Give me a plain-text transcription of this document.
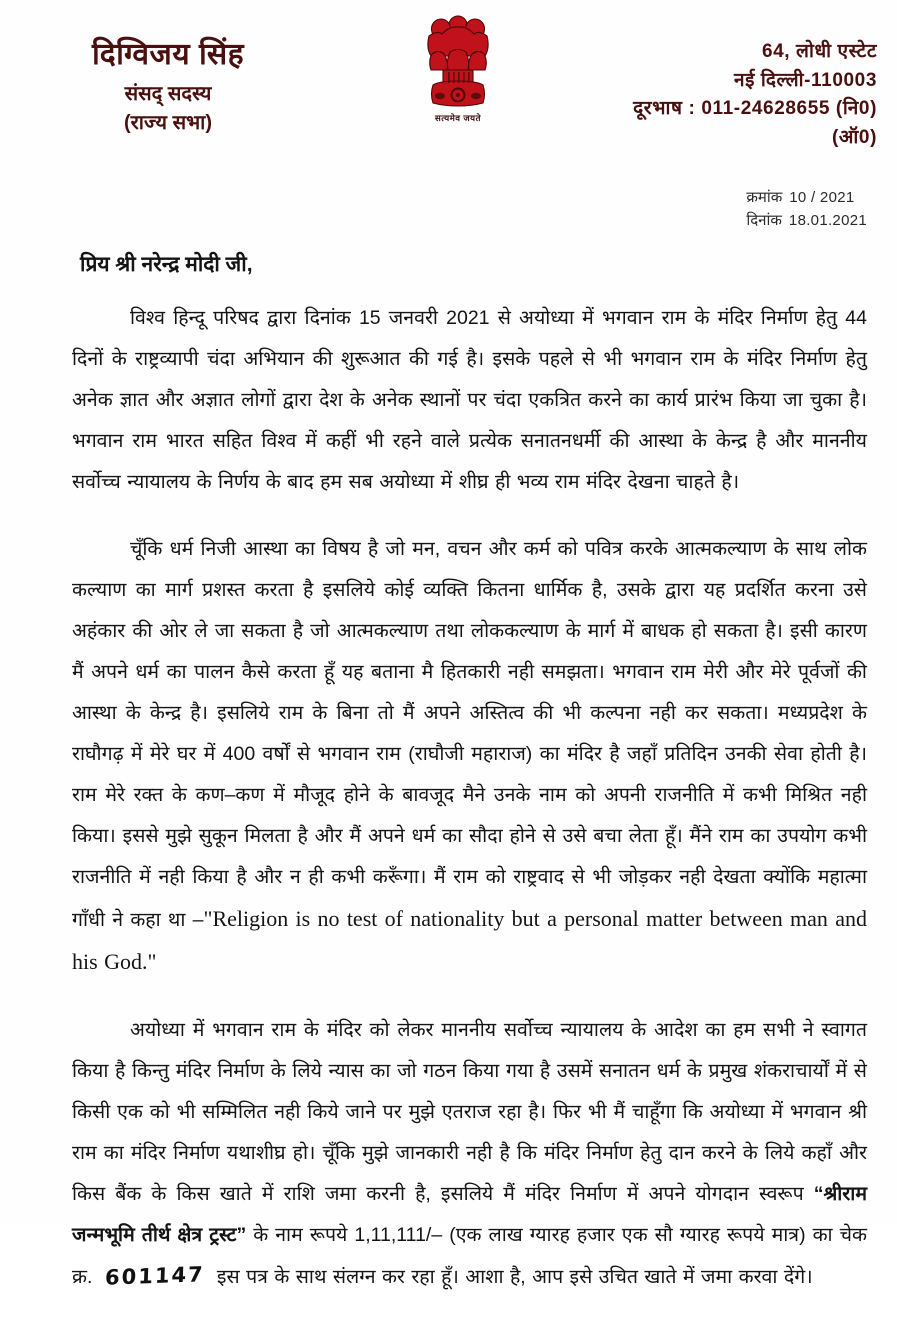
दिग्विजय सिंह
संसद् सदस्य
(राज्य सभा)	सत्यमेव जयते
64, लोधी एस्टेट
नई दिल्ली-110003
दूरभाष : 011-24628655 (नि0)
(ऑ0)
क्रमांक 10 / 2021
दिनांक 18.01.2021
प्रिय श्री नरेन्द्र मोदी जी,

विश्व हिन्दू परिषद द्वारा दिनांक 15 जनवरी 2021 से अयोध्या में भगवान राम के मंदिर निर्माण हेतु 44 दिनों के राष्ट्रव्यापी चंदा अभियान की शुरूआत की गई है। इसके पहले से भी भगवान राम के मंदिर निर्माण हेतु अनेक ज्ञात और अज्ञात लोगों द्वारा देश के अनेक स्थानों पर चंदा एकत्रित करने का कार्य प्रारंभ किया जा चुका है। भगवान राम भारत सहित विश्व में कहीं भी रहने वाले प्रत्येक सनातनधर्मी की आस्था के केन्द्र है और माननीय सर्वोच्च न्यायालय के निर्णय के बाद हम सब अयोध्या में शीघ्र ही भव्य राम मंदिर देखना चाहते है।

चूँकि धर्म निजी आस्था का विषय है जो मन, वचन और कर्म को पवित्र करके आत्मकल्याण के साथ लोक कल्याण का मार्ग प्रशस्त करता है इसलिये कोई व्यक्ति कितना धार्मिक है, उसके द्वारा यह प्रदर्शित करना उसे अहंकार की ओर ले जा सकता है जो आत्मकल्याण तथा लोककल्याण के मार्ग में बाधक हो सकता है। इसी कारण मैं अपने धर्म का पालन कैसे करता हूँ यह बताना मै हितकारी नही समझता। भगवान राम मेरी और मेरे पूर्वजों की आस्था के केन्द्र है। इसलिये राम के बिना तो मैं अपने अस्तित्व की भी कल्पना नही कर सकता। मध्यप्रदेश के राघौगढ़ में मेरे घर में 400 वर्षों से भगवान राम (राघौजी महाराज) का मंदिर है जहाँ प्रतिदिन उनकी सेवा होती है। राम मेरे रक्त के कण–कण में मौजूद होने के बावजूद मैने उनके नाम को अपनी राजनीति में कभी मिश्रित नही किया। इससे मुझे सुकून मिलता है और मैं अपने धर्म का सौदा होने से उसे बचा लेता हूँ। मैंने राम का उपयोग कभी राजनीति में नही किया है और न ही कभी करूँगा। मैं राम को राष्ट्रवाद से भी जोड़कर नही देखता क्योंकि महात्मा गाँधी ने कहा था –"Religion is no test of nationality but a personal matter between man and his God."

अयोध्या में भगवान राम के मंदिर को लेकर माननीय सर्वोच्च न्यायालय के आदेश का हम सभी ने स्वागत किया है किन्तु मंदिर निर्माण के लिये न्यास का जो गठन किया गया है उसमें सनातन धर्म के प्रमुख शंकराचार्यों में से किसी एक को भी सम्मिलित नही किये जाने पर मुझे एतराज रहा है। फिर भी मैं चाहूँगा कि अयोध्या में भगवान श्री राम का मंदिर निर्माण यथाशीघ्र हो। चूँकि मुझे जानकारी नही है कि मंदिर निर्माण हेतु दान करने के लिये कहाँ और किस बैंक के किस खाते में राशि जमा करनी है, इसलिये मैं मंदिर निर्माण में अपने योगदान स्वरूप “श्रीराम जन्मभूमि तीर्थ क्षेत्र ट्रस्ट” के नाम रूपये 1,11,111/– (एक लाख ग्यारह हजार एक सौ ग्यारह रूपये मात्र) का चेक क्र. 601147 इस पत्र के साथ संलग्न कर रहा हूँ। आशा है, आप इसे उचित खाते में जमा करवा देंगे।
